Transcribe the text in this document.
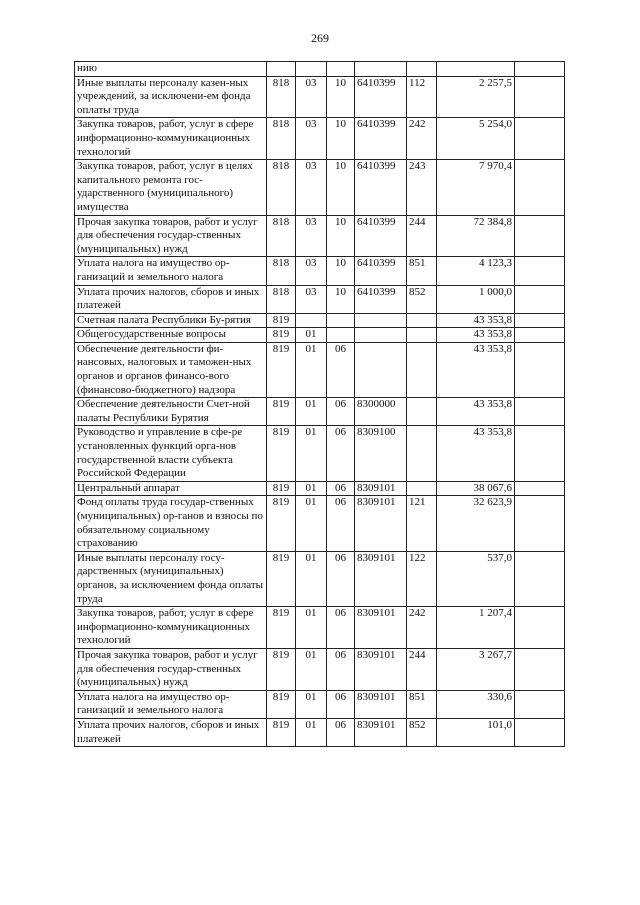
269
нию							
Иные выплаты персоналу казен-ных учреждений, за исключени-ем фонда оплаты труда	818	03	10	6410399	112	2 257,5	
Закупка товаров, работ, услуг в сфере информационно-коммуникационных технологий	818	03	10	6410399	242	5 254,0	
Закупка товаров, работ, услуг в целях капитального ремонта гос-ударственного (муниципального) имущества	818	03	10	6410399	243	7 970,4	
Прочая закупка товаров, работ и услуг для обеспечения государ-ственных (муниципальных) нужд	818	03	10	6410399	244	72 384,8	
Уплата налога на имущество ор-ганизаций и земельного налога	818	03	10	6410399	851	4 123,3	
Уплата прочих налогов, сборов и иных платежей	818	03	10	6410399	852	1 000,0	
Счетная палата Республики Бу-рятия	819					43 353,8	
Общегосударственные вопросы	819	01				43 353,8	
Обеспечение деятельности фи-нансовых, налоговых и таможен-ных органов и органов финансо-вого (финансово-бюджетного) надзора	819	01	06			43 353,8	
Обеспечение деятельности Счет-ной палаты Республики Бурятия	819	01	06	8300000		43 353,8	
Руководство и управление в сфе-ре установленных функций орга-нов государственной власти субъекта Российской Федерации	819	01	06	8309100		43 353,8	
Центральный аппарат	819	01	06	8309101		38 067,6	
Фонд оплаты труда государ-ственных (муниципальных) ор-ганов и взносы по обязательному социальному страхованию	819	01	06	8309101	121	32 623,9	
Иные выплаты персоналу госу-дарственных (муниципальных) органов, за исключением фонда оплаты труда	819	01	06	8309101	122	537,0	
Закупка товаров, работ, услуг в сфере информационно-коммуникационных технологий	819	01	06	8309101	242	1 207,4	
Прочая закупка товаров, работ и услуг для обеспечения государ-ственных (муниципальных) нужд	819	01	06	8309101	244	3 267,7	
Уплата налога на имущество ор-ганизаций и земельного налога	819	01	06	8309101	851	330,6	
Уплата прочих налогов, сборов и иных платежей	819	01	06	8309101	852	101,0	
